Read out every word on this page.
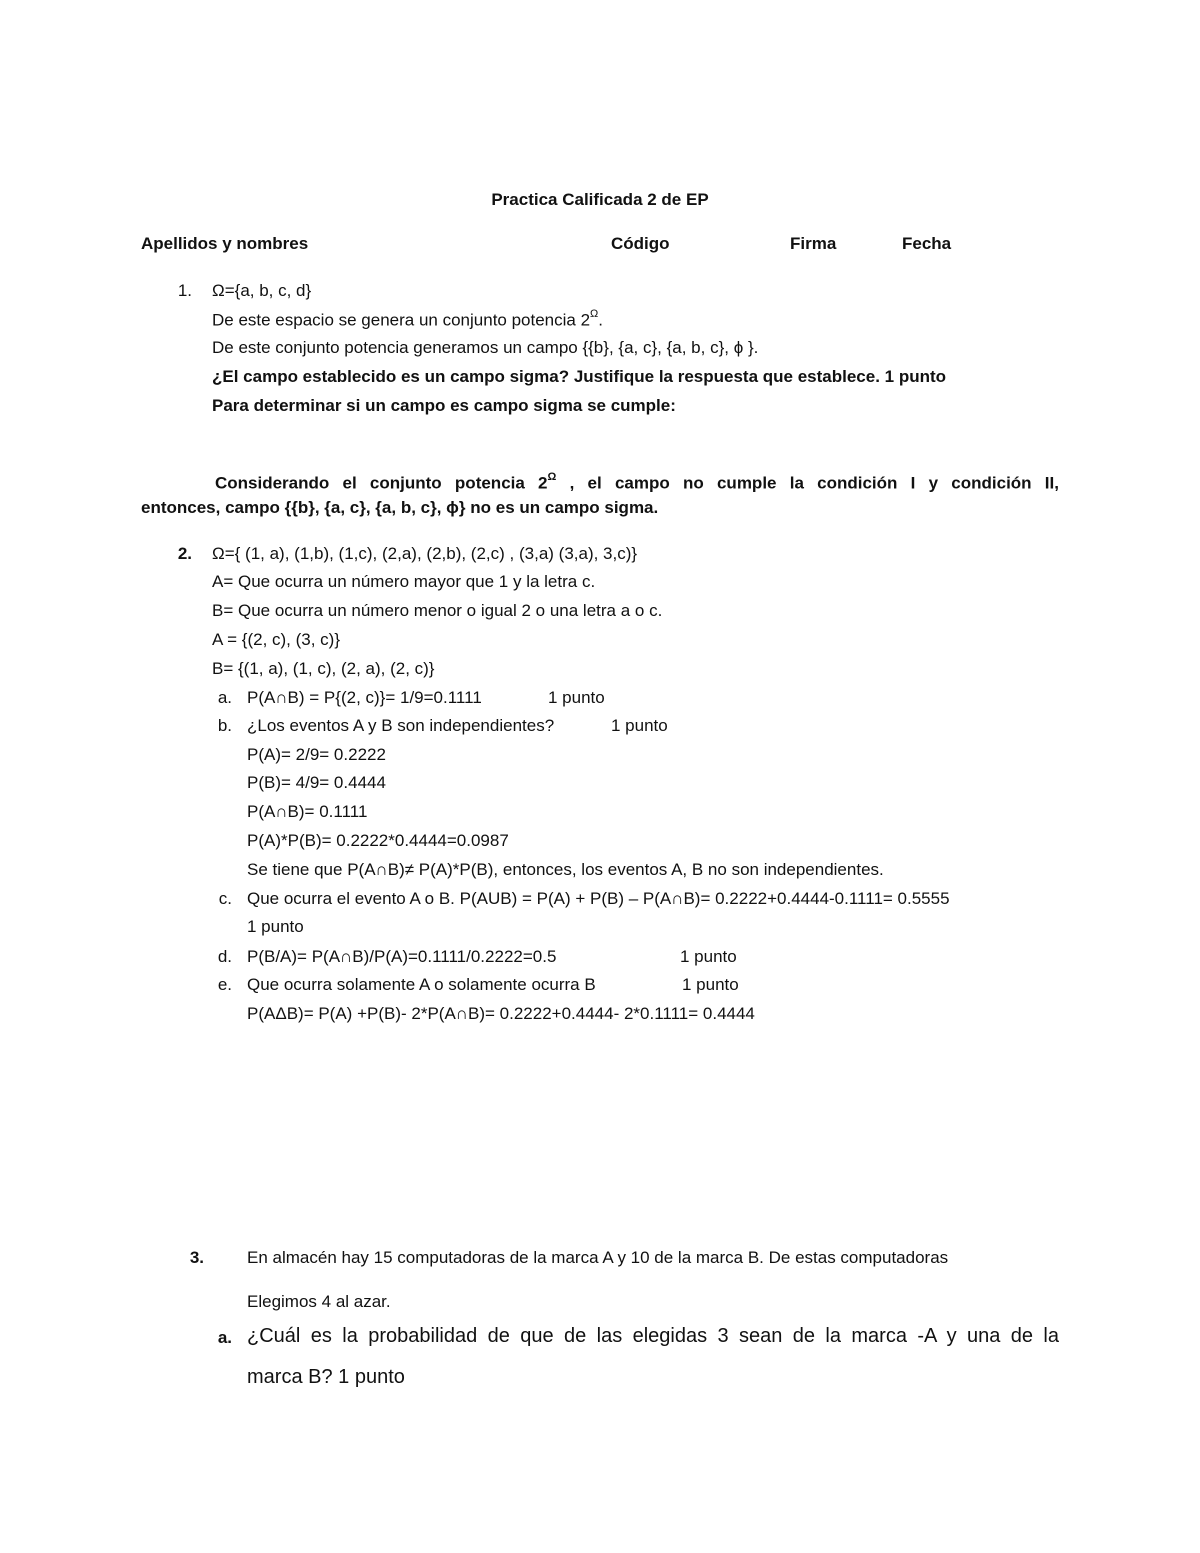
Practica Calificada 2 de EP
Apellidos y nombres	Código	Firma	Fecha
1. Ω={a, b, c, d}
De este espacio se genera un conjunto potencia $2^\Omega$.
De este conjunto potencia generamos un campo {{b}, {a, c}, {a, b, c}, ϕ }.
¿El campo establecido es un campo sigma? Justifique la respuesta que establece. 1 punto
Para determinar si un campo es campo sigma se cumple:
Considerando el conjunto potencia $2^\Omega$ , el campo no cumple la condición I y condición II,
entonces, campo {{b}, {a, c}, {a, b, c}, ϕ} no es un campo sigma.
2. Ω={ (1, a), (1,b), (1,c), (2,a), (2,b), (2,c) , (3,a) (3,a), 3,c)}
A= Que ocurra un número mayor que 1 y la letra c.
B= Que ocurra un número menor o igual 2 o una letra a o c.
A = {(2, c), (3, c)}
B= {(1, a), (1, c), (2, a), (2, c)}
a. P(A∩B) = P{(2, c)}= 1/9=0.1111	1 punto
b. ¿Los eventos A y B son independientes?	1 punto
P(A)= 2/9= 0.2222
P(B)= 4/9= 0.4444
P(A∩B)= 0.1111
P(A)*P(B)= 0.2222*0.4444=0.0987
Se tiene que P(A∩B)≠ P(A)*P(B), entonces, los eventos A, B no son independientes.
c. Que ocurra el evento A o B. P(AUB) = P(A) + P(B) – P(A∩B)= 0.2222+0.4444-0.1111= 0.5555
1 punto
d. P(B/A)= P(A∩B)/P(A)=0.1111/0.2222=0.5	1 punto
e. Que ocurra solamente A o solamente ocurra B	1 punto
P(AΔB)= P(A) +P(B)- 2*P(A∩B)= 0.2222+0.4444- 2*0.1111= 0.4444
3.	En almacén hay 15 computadoras de la marca A y 10 de la marca B. De estas computadoras
Elegimos 4 al azar.
a. ¿Cuál es la probabilidad de que de las elegidas 3 sean de la marca -A y una de la
marca B? 1 punto
